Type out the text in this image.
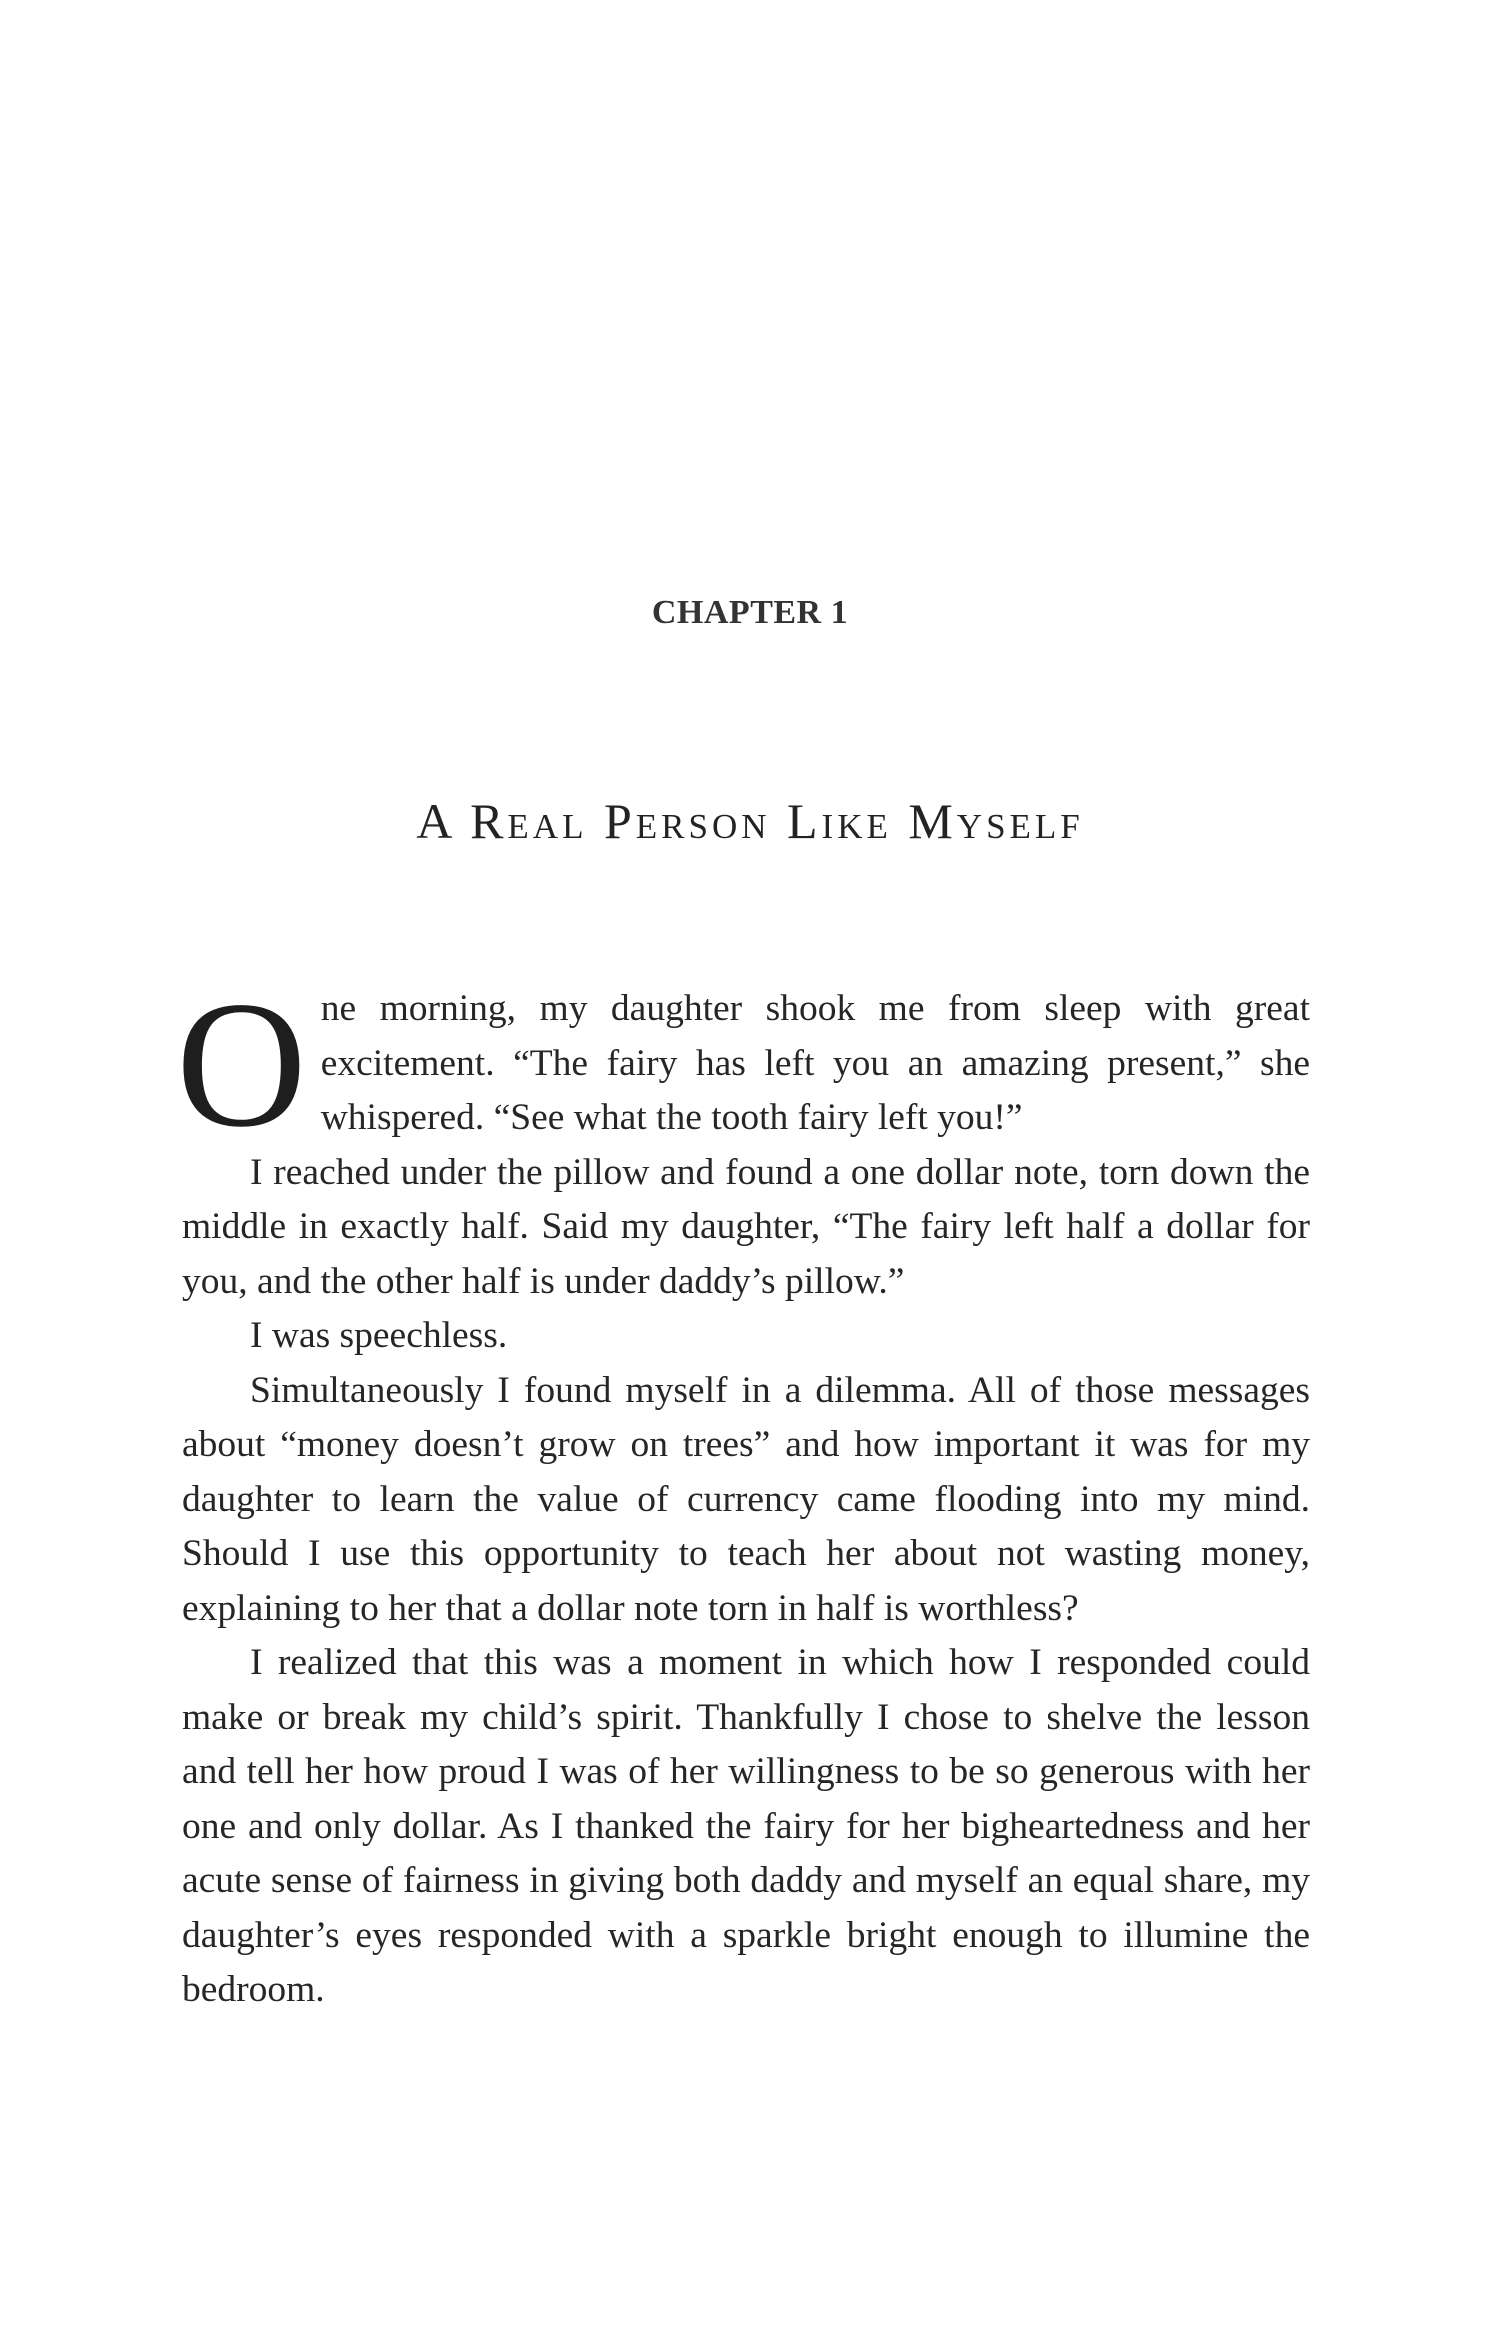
CHAPTER 1
A Real Person Like Myself

One morning, my daughter shook me from sleep with great excitement. “The fairy has left you an amazing present,” she whispered. “See what the tooth fairy left you!”

I reached under the pillow and found a one dollar note, torn down the middle in exactly half. Said my daughter, “The fairy left half a dollar for you, and the other half is under daddy’s pillow.”

I was speechless.

Simultaneously I found myself in a dilemma. All of those messages about “money doesn’t grow on trees” and how important it was for my daughter to learn the value of currency came flooding into my mind. Should I use this opportunity to teach her about not wasting money, explaining to her that a dollar note torn in half is worthless?

I realized that this was a moment in which how I responded could make or break my child’s spirit. Thankfully I chose to shelve the lesson and tell her how proud I was of her willingness to be so generous with her one and only dollar. As I thanked the fairy for her bigheartedness and her acute sense of fairness in giving both daddy and myself an equal share, my daughter’s eyes responded with a sparkle bright enough to illumine the bedroom.
